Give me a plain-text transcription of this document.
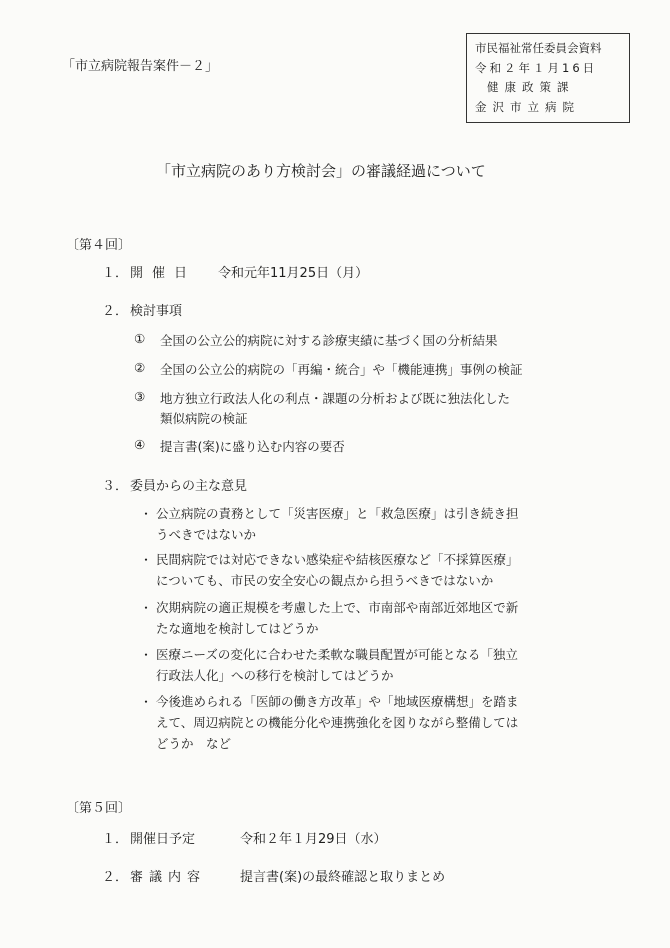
「市立病院報告案件－２」
市民福祉常任委員会資料
令和２年１月16日
健康政策課
金沢市立病院
「市立病院のあり方検討会」の審議経過について
〔第４回〕
１． 開催日 令和元年11月25日（月）
２． 検討事項
① 全国の公立公的病院に対する診療実績に基づく国の分析結果
② 全国の公立公的病院の「再編・統合」や「機能連携」事例の検証
③ 地方独立行政法人化の利点・課題の分析および既に独法化した
類似病院の検証
④ 提言書(案)に盛り込む内容の要否
３． 委員からの主な意見
・ 公立病院の責務として「災害医療」と「救急医療」は引き続き担
うべきではないか
・ 民間病院では対応できない感染症や結核医療など「不採算医療」
についても、市民の安全安心の観点から担うべきではないか
・ 次期病院の適正規模を考慮した上で、市南部や南部近郊地区で新
たな適地を検討してはどうか
・ 医療ニーズの変化に合わせた柔軟な職員配置が可能となる「独立
行政法人化」への移行を検討してはどうか
・ 今後進められる「医師の働き方改革」や「地域医療構想」を踏ま
えて、周辺病院との機能分化や連携強化を図りながら整備しては
どうか　など
〔第５回〕
１． 開催日予定	令和２年１月29日（水）
２． 審議内容	提言書(案)の最終確認と取りまとめ
